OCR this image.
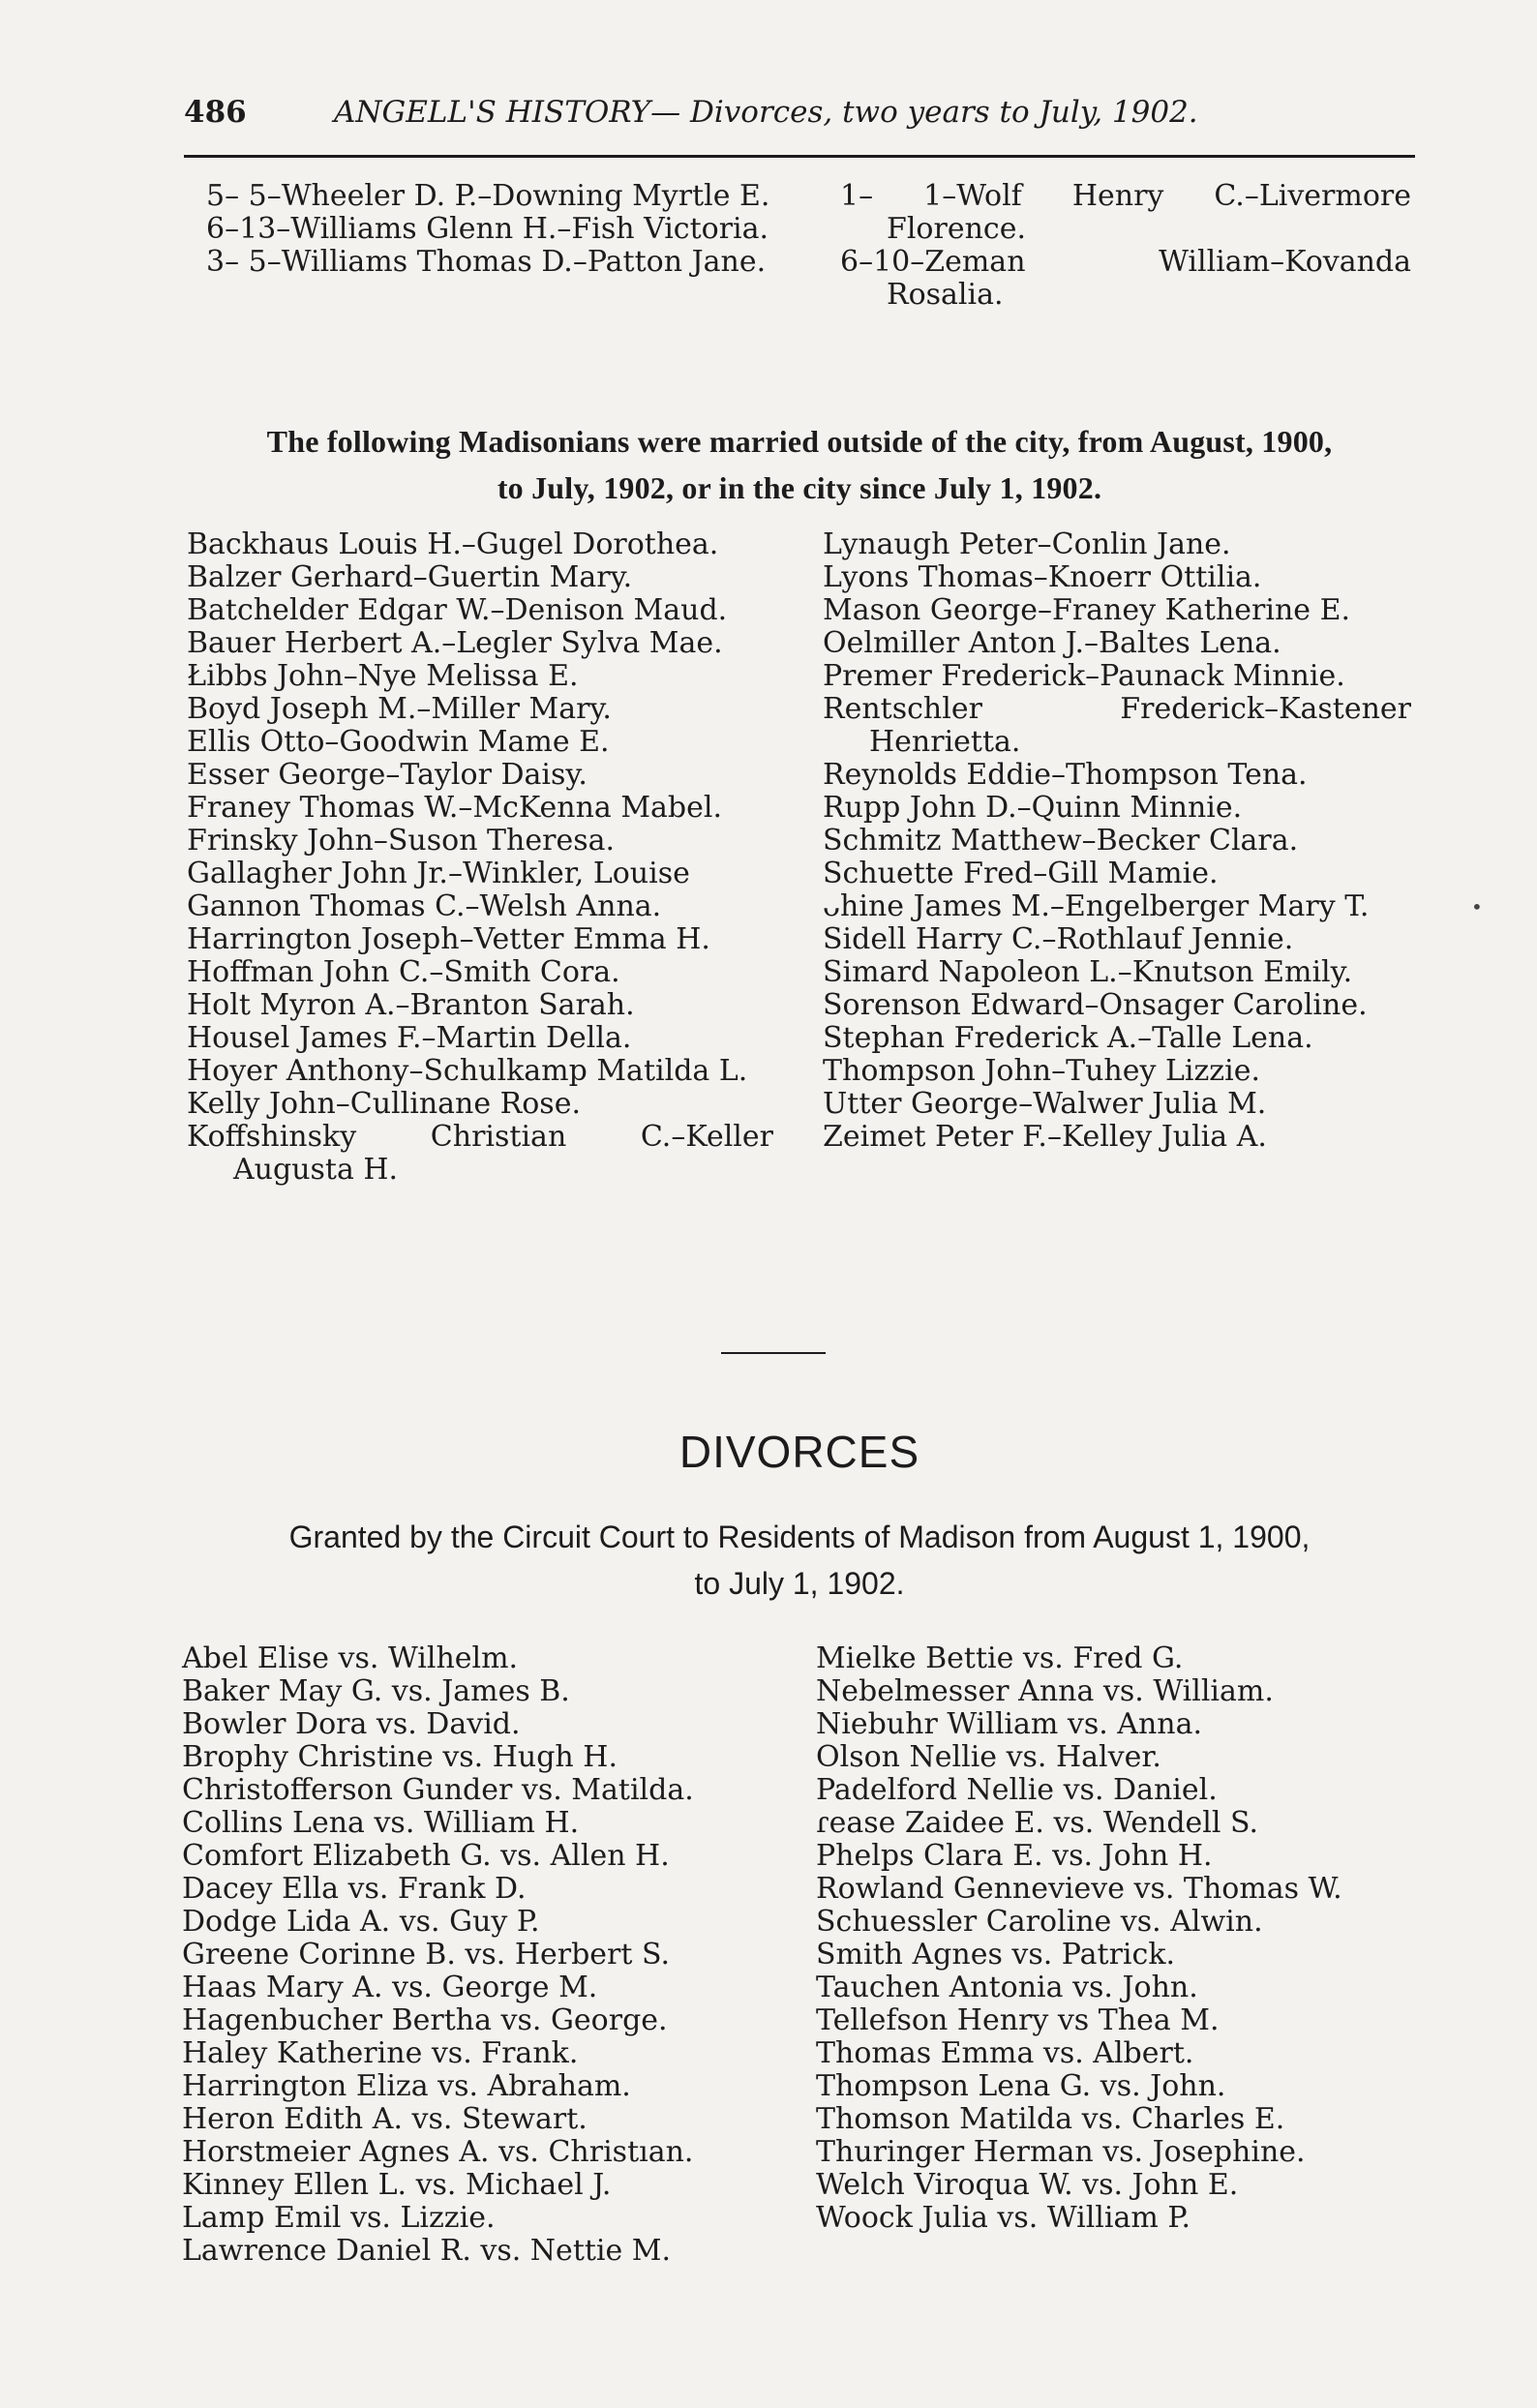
486	ANGELL'S HISTORY— Divorces, two years to July, 1902.
5– 5–Wheeler D. P.–Downing Myrtle E.
6–13–Williams Glenn H.–Fish Victoria.
3– 5–Williams Thomas D.–Patton Jane.
1– 1–Wolf Henry C.–Livermore Florence.
6–10–Zeman William–Kovanda Rosalia.
The following Madisonians were married outside of the city, from August, 1900,
to July, 1902, or in the city since July 1, 1902.
Backhaus Louis H.–Gugel Dorothea.
Balzer Gerhard–Guertin Mary.
Batchelder Edgar W.–Denison Maud.
Bauer Herbert A.–Legler Sylva Mae.
Łibbs John–Nye Melissa E.
Boyd Joseph M.–Miller Mary.
Ellis Otto–Goodwin Mame E.
Esser George–Taylor Daisy.
Franey Thomas W.–McKenna Mabel.
Frinsky John–Suson Theresa.
Gallagher John Jr.–Winkler, Louise
Gannon Thomas C.–Welsh Anna.
Harrington Joseph–Vetter Emma H.
Hoffman John C.–Smith Cora.
Holt Myron A.–Branton Sarah.
Housel James F.–Martin Della.
Hoyer Anthony–Schulkamp Matilda L.
Kelly John–Cullinane Rose.
Koffshinsky Christian C.–Keller Augusta H.
Lynaugh Peter–Conlin Jane.
Lyons Thomas–Knoerr Ottilia.
Mason George–Franey Katherine E.
Oelmiller Anton J.–Baltes Lena.
Premer Frederick–Paunack Minnie.
Rentschler Frederick–Kastener Henrietta.
Reynolds Eddie–Thompson Tena.
Rupp John D.–Quinn Minnie.
Schmitz Matthew–Becker Clara.
Schuette Fred–Gill Mamie.
ᴗhine James M.–Engelberger Mary T.
Sidell Harry C.–Rothlauf Jennie.
Simard Napoleon L.–Knutson Emily.
Sorenson Edward–Onsager Caroline.
Stephan Frederick A.–Talle Lena.
Thompson John–Tuhey Lizzie.
Utter George–Walwer Julia M.
Zeimet Peter F.–Kelley Julia A.
•
DIVORCES
Granted by the Circuit Court to Residents of Madison from August 1, 1900,
to July 1, 1902.
Abel Elise vs. Wilhelm.
Baker May G. vs. James B.
Bowler Dora vs. David.
Brophy Christine vs. Hugh H.
Christofferson Gunder vs. Matilda.
Collins Lena vs. William H.
Comfort Elizabeth G. vs. Allen H.
Dacey Ella vs. Frank D.
Dodge Lida A. vs. Guy P.
Greene Corinne B. vs. Herbert S.
Haas Mary A. vs. George M.
Hagenbucher Bertha vs. George.
Haley Katherine vs. Frank.
Harrington Eliza vs. Abraham.
Heron Edith A. vs. Stewart.
Horstmeier Agnes A. vs. Christıan.
Kinney Ellen L. vs. Michael J.
Lamp Emil vs. Lizzie.
Lawrence Daniel R. vs. Nettie M.
Mielke Bettie vs. Fred G.
Nebelmesser Anna vs. William.
Niebuhr William vs. Anna.
Olson Nellie vs. Halver.
Padelford Nellie vs. Daniel.
ɾease Zaidee E. vs. Wendell S.
Phelps Clara E. vs. John H.
Rowland Gennevieve vs. Thomas W.
Schuessler Caroline vs. Alwin.
Smith Agnes vs. Patrick.
Tauchen Antonia vs. John.
Tellefson Henry vs Thea M.
Thomas Emma vs. Albert.
Thompson Lena G. vs. John.
Thomson Matilda vs. Charles E.
Thuringer Herman vs. Josephine.
Welch Viroqua W. vs. John E.
Woock Julia vs. William P.
